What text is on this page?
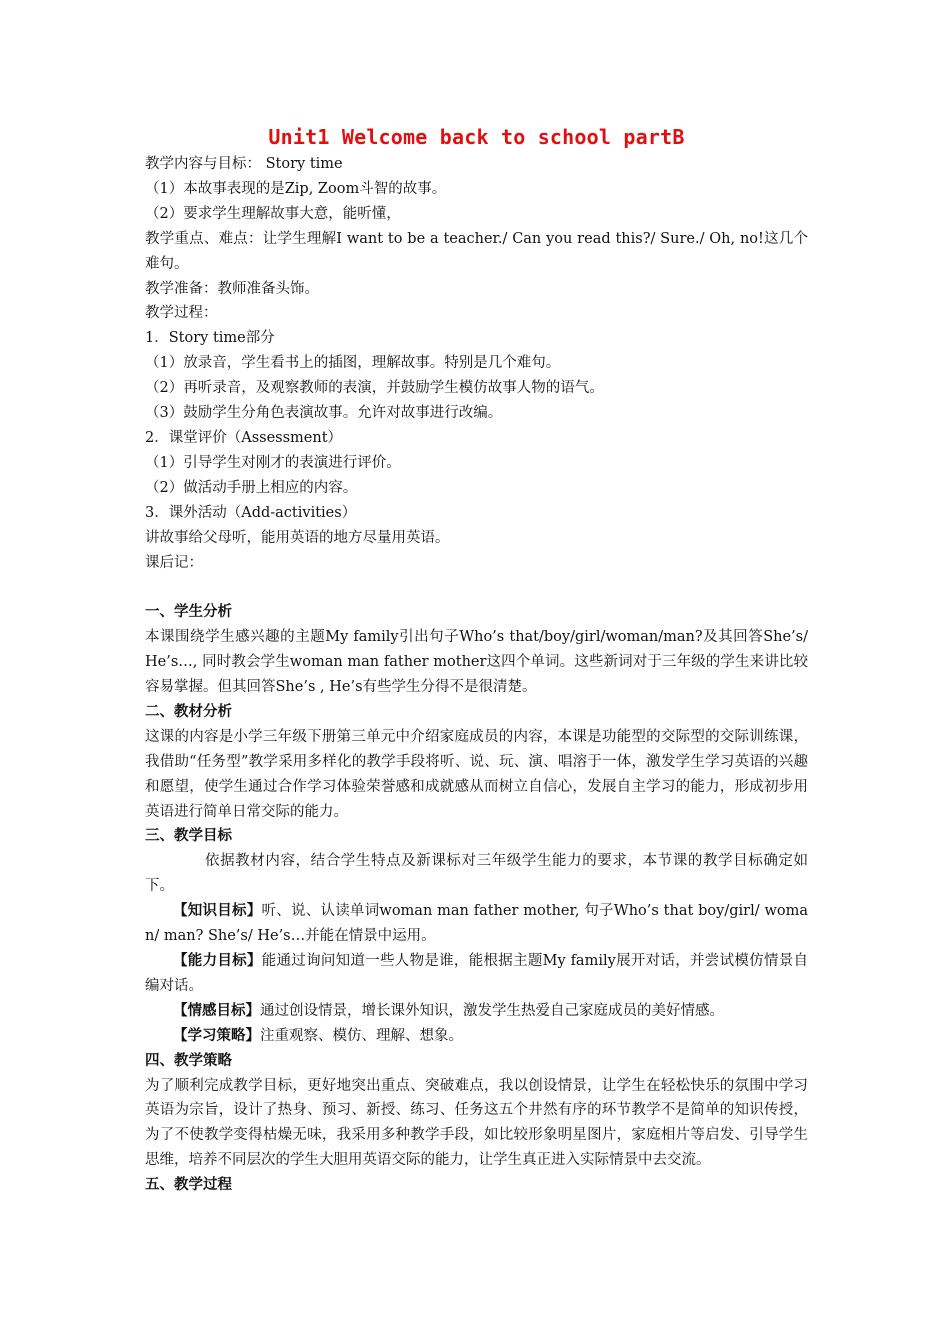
Unit1 Welcome back to school partB

教学内容与目标： Story time

（1）本故事表现的是Zip, Zoom斗智的故事。

（2）要求学生理解故事大意，能听懂，

教学重点、难点：让学生理解I want to be a teacher./ Can you read this?/ Sure./ Oh, no!这几个难句。

教学准备：教师准备头饰。

教学过程：

1．Story time部分

（1）放录音，学生看书上的插图，理解故事。特别是几个难句。

（2）再听录音，及观察教师的表演，并鼓励学生模仿故事人物的语气。

（3）鼓励学生分角色表演故事。允许对故事进行改编。

2．课堂评价（Assessment）

（1）引导学生对刚才的表演进行评价。

（2）做活动手册上相应的内容。

3．课外活动（Add-activities）

讲故事给父母听，能用英语的地方尽量用英语。

课后记：

一、学生分析

本课围绕学生感兴趣的主题My family引出句子Who’s that/boy/girl/woman/man?及其回答She’s/He’s…, 同时教会学生woman man father mother这四个单词。这些新词对于三年级的学生来讲比较容易掌握。但其回答She’s , He’s有些学生分得不是很清楚。

二、教材分析

这课的内容是小学三年级下册第三单元中介绍家庭成员的内容，本课是功能型的交际型的交际训练课，我借助“任务型”教学采用多样化的教学手段将听、说、玩、演、唱溶于一体，激发学生学习英语的兴趣和愿望，使学生通过合作学习体验荣誉感和成就感从而树立自信心，发展自主学习的能力，形成初步用英语进行简单日常交际的能力。

三、教学目标

依据教材内容，结合学生特点及新课标对三年级学生能力的要求，本节课的教学目标确定如下。

【知识目标】听、说、认读单词woman man father mother, 句子Who’s that boy/girl/ woman/ man? She’s/ He’s…并能在情景中运用。

【能力目标】能通过询问知道一些人物是谁，能根据主题My family展开对话，并尝试模仿情景自编对话。

【情感目标】通过创设情景，增长课外知识，激发学生热爱自己家庭成员的美好情感。

【学习策略】注重观察、模仿、理解、想象。

四、教学策略

为了顺利完成教学目标，更好地突出重点、突破难点，我以创设情景，让学生在轻松快乐的氛围中学习英语为宗旨，设计了热身、预习、新授、练习、任务这五个井然有序的环节教学不是简单的知识传授，为了不使教学变得枯燥无味，我采用多种教学手段，如比较形象明星图片，家庭相片等启发、引导学生思维，培养不同层次的学生大胆用英语交际的能力，让学生真正进入实际情景中去交流。

五、教学过程
